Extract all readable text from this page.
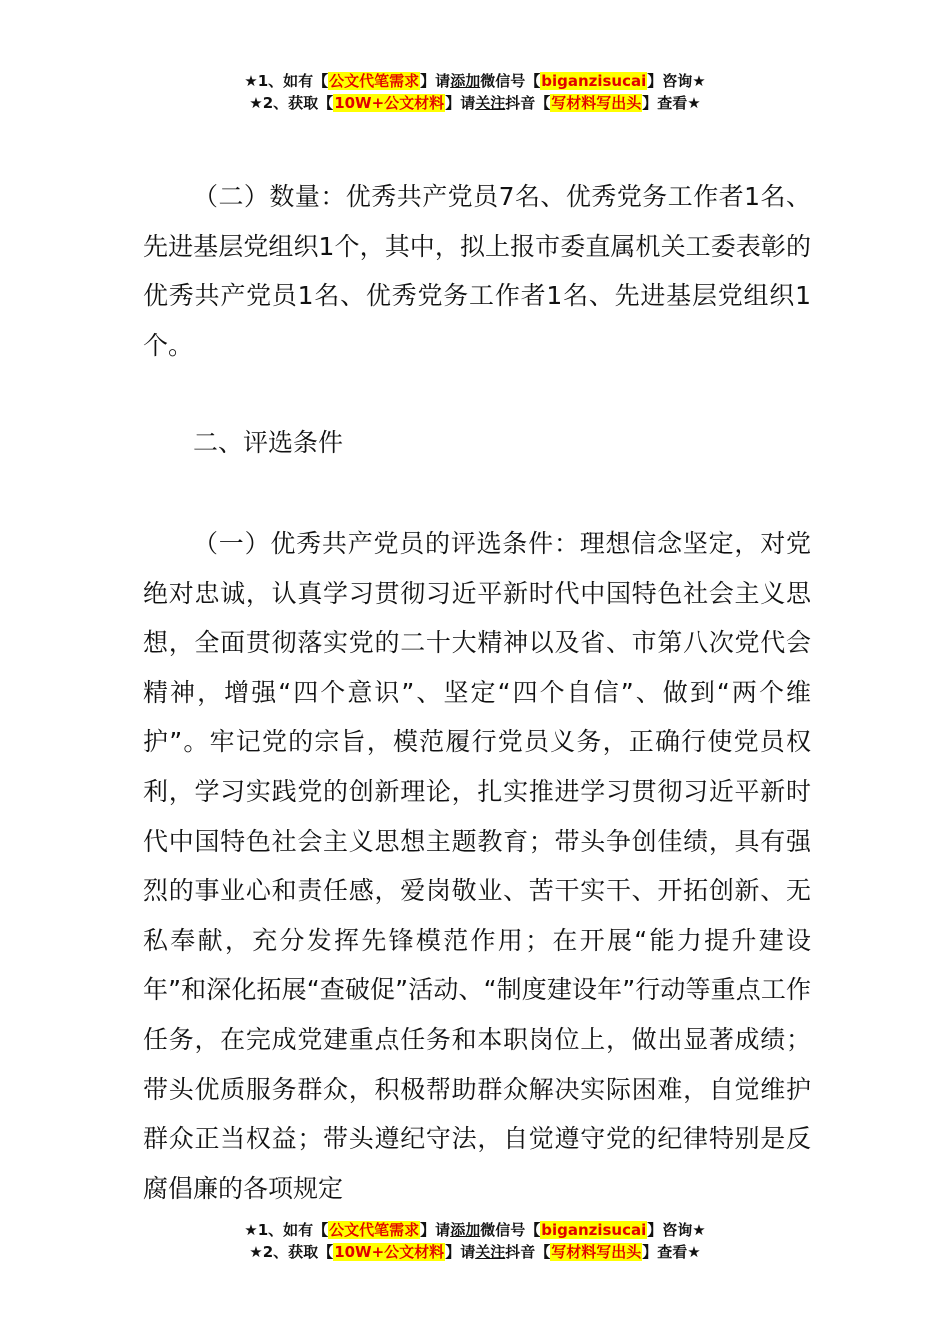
★1、如有【公文代笔需求】请添加微信号【biganzisucai】咨询★
★2、获取【10W+公文材料】请关注抖音【写材料写出头】查看★

（二）数量：优秀共产党员7名、优秀党务工作者1名、先进基层党组织1个，其中，拟上报市委直属机关工委表彰的优秀共产党员1名、优秀党务工作者1名、先进基层党组织1个。

二、评选条件

（一）优秀共产党员的评选条件：理想信念坚定，对党绝对忠诚，认真学习贯彻习近平新时代中国特色社会主义思想，全面贯彻落实党的二十大精神以及省、市第八次党代会精神，增强“四个意识”、坚定“四个自信”、做到“两个维护”。牢记党的宗旨，模范履行党员义务，正确行使党员权利，学习实践党的创新理论，扎实推进学习贯彻习近平新时代中国特色社会主义思想主题教育；带头争创佳绩，具有强烈的事业心和责任感，爱岗敬业、苦干实干、开拓创新、无私奉献，充分发挥先锋模范作用；在开展“能力提升建设年”和深化拓展“查破促”活动、“制度建设年”行动等重点工作任务，在完成党建重点任务和本职岗位上，做出显著成绩；带头优质服务群众，积极帮助群众解决实际困难，自觉维护群众正当权益；带头遵纪守法，自觉遵守党的纪律特别是反腐倡廉的各项规定

★1、如有【公文代笔需求】请添加微信号【biganzisucai】咨询★
★2、获取【10W+公文材料】请关注抖音【写材料写出头】查看★
